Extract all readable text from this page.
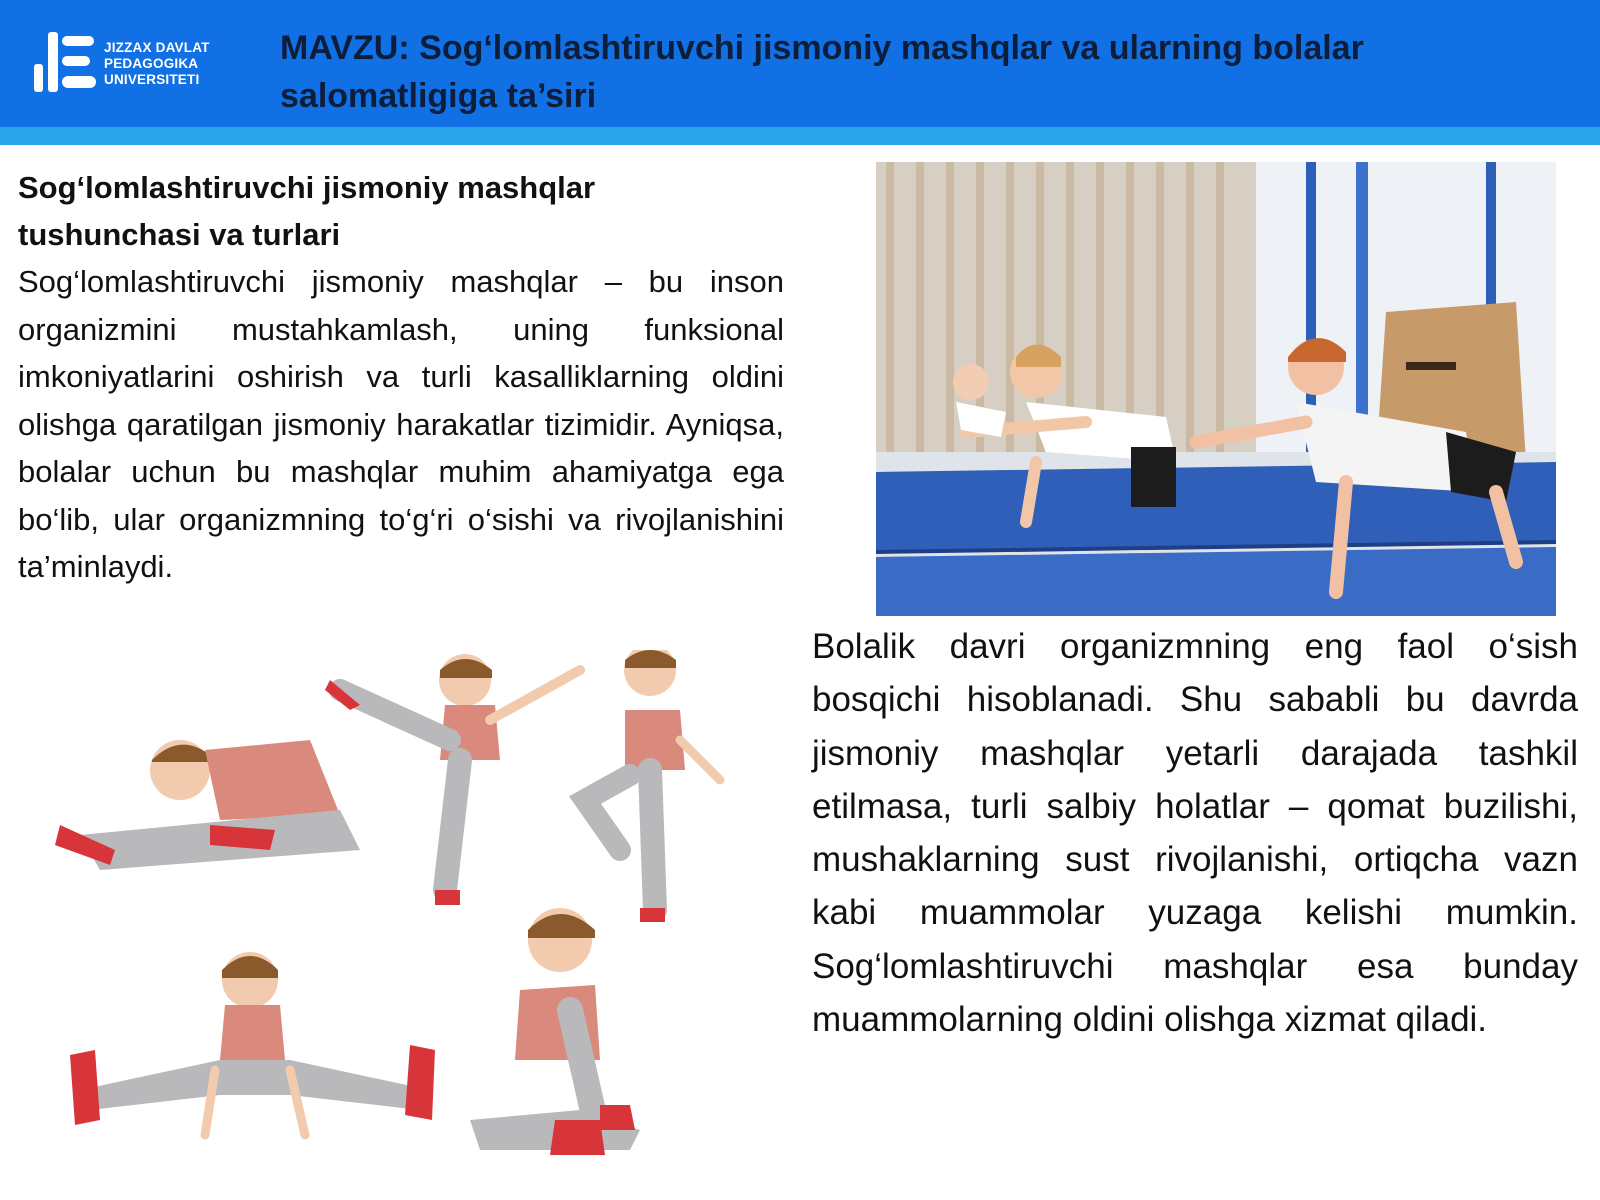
JIZZAX DAVLAT
PEDAGOGIKA
UNIVERSITETI
MAVZU: Sog‘lomlashtiruvchi jismoniy mashqlar va ularning bolalar salomatligiga ta’siri
Sog‘lomlashtiruvchi jismoniy mashqlar tushunchasi va turlari
Sog‘lomlashtiruvchi jismoniy mashqlar – bu inson organizmini mustahkamlash, uning funksional imkoniyatlarini oshirish va turli kasalliklarning oldini olishga qaratilgan jismoniy harakatlar tizimidir. Ayniqsa, bolalar uchun bu mashqlar muhim ahamiyatga ega bo‘lib, ular organizmning to‘g‘ri o‘sishi va rivojlanishini ta’minlaydi.
Bolalik davri organizmning eng faol o‘sish bosqichi hisoblanadi. Shu sababli bu davrda jismoniy mashqlar yetarli darajada tashkil etilmasa, turli salbiy holatlar – qomat buzilishi, mushaklarning sust rivojlanishi, ortiqcha vazn kabi muammolar yuzaga kelishi mumkin. Sog‘lomlashtiruvchi mashqlar esa bunday muammolarning oldini olishga xizmat qiladi.
